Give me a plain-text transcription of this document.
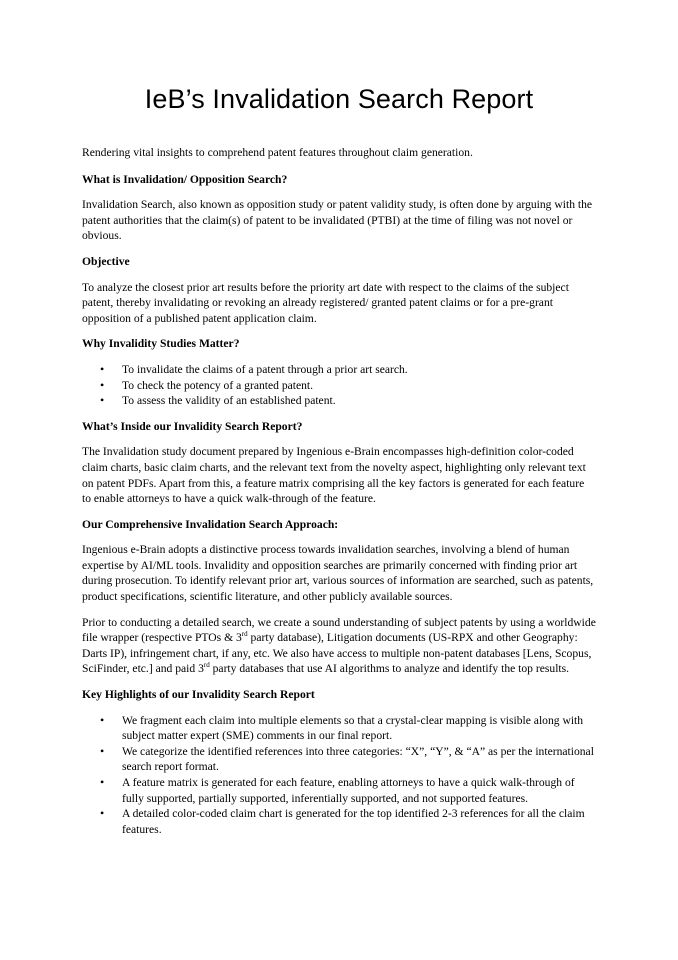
IeB’s Invalidation Search Report

Rendering vital insights to comprehend patent features throughout claim generation.

What is Invalidation/ Opposition Search?

Invalidation Search, also known as opposition study or patent validity study, is often done by arguing with the patent authorities that the claim(s) of patent to be invalidated (PTBI) at the time of filing was not novel or obvious.

Objective

To analyze the closest prior art results before the priority art date with respect to the claims of the subject patent, thereby invalidating or revoking an already registered/ granted patent claims or for a pre-grant opposition of a published patent application claim.

Why Invalidity Studies Matter?

• To invalidate the claims of a patent through a prior art search.
• To check the potency of a granted patent.
• To assess the validity of an established patent.

What’s Inside our Invalidity Search Report?

The Invalidation study document prepared by Ingenious e-Brain encompasses high-definition color-coded claim charts, basic claim charts, and the relevant text from the novelty aspect, highlighting only relevant text on patent PDFs. Apart from this, a feature matrix comprising all the key factors is generated for each feature to enable attorneys to have a quick walk-through of the feature.

Our Comprehensive Invalidation Search Approach:

Ingenious e-Brain adopts a distinctive process towards invalidation searches, involving a blend of human expertise by AI/ML tools. Invalidity and opposition searches are primarily concerned with finding prior art during prosecution. To identify relevant prior art, various sources of information are searched, such as patents, product specifications, scientific literature, and other publicly available sources.

Prior to conducting a detailed search, we create a sound understanding of subject patents by using a worldwide file wrapper (respective PTOs & 3rd party database), Litigation documents (US-RPX and other Geography: Darts IP), infringement chart, if any, etc. We also have access to multiple non-patent databases [Lens, Scopus, SciFinder, etc.] and paid 3rd party databases that use AI algorithms to analyze and identify the top results.

Key Highlights of our Invalidity Search Report

• We fragment each claim into multiple elements so that a crystal-clear mapping is visible along with subject matter expert (SME) comments in our final report.
• We categorize the identified references into three categories: “X”, “Y”, & “A” as per the international search report format.
• A feature matrix is generated for each feature, enabling attorneys to have a quick walk-through of fully supported, partially supported, inferentially supported, and not supported features.
• A detailed color-coded claim chart is generated for the top identified 2-3 references for all the claim features.
